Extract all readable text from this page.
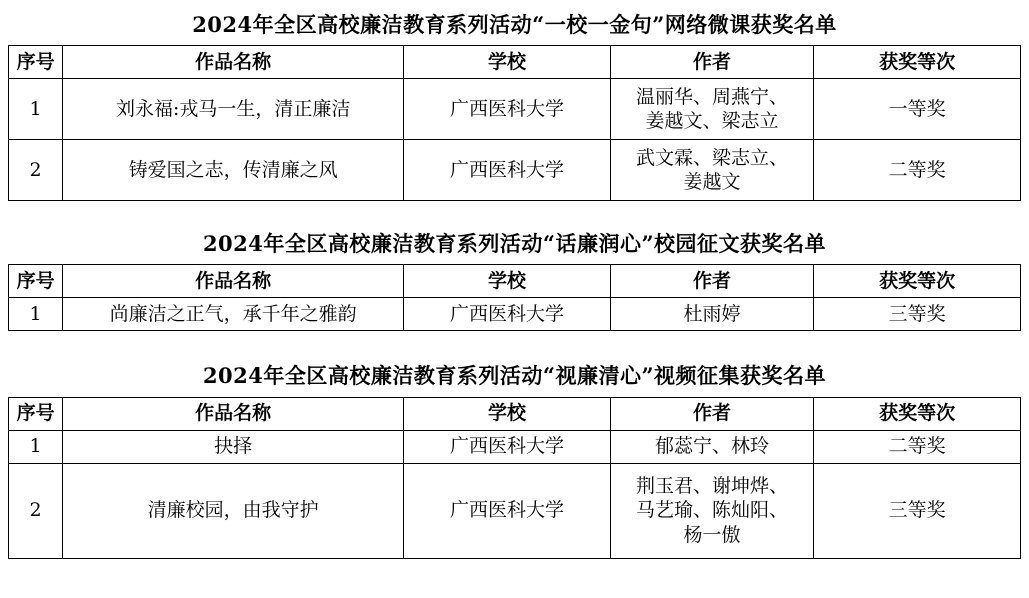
2024年全区高校廉洁教育系列活动“一校一金句”网络微课获奖名单
序号	作品名称	学校	作者	获奖等次
1	刘永福:戎马一生，清正廉洁	广西医科大学	温丽华、周燕宁、
姜越文、梁志立	一等奖
2	铸爱国之志，传清廉之风	广西医科大学	武文霖、梁志立、
姜越文	二等奖
2024年全区高校廉洁教育系列活动“话廉润心”校园征文获奖名单
序号	作品名称	学校	作者	获奖等次
1	尚廉洁之正气，承千年之雅韵	广西医科大学	杜雨婷	三等奖
2024年全区高校廉洁教育系列活动“视廉清心”视频征集获奖名单
序号	作品名称	学校	作者	获奖等次
1	抉择	广西医科大学	郁蕊宁、林玲	二等奖
2	清廉校园，由我守护	广西医科大学	荆玉君、谢坤烨、
马艺瑜、陈灿阳、
杨一傲	三等奖
